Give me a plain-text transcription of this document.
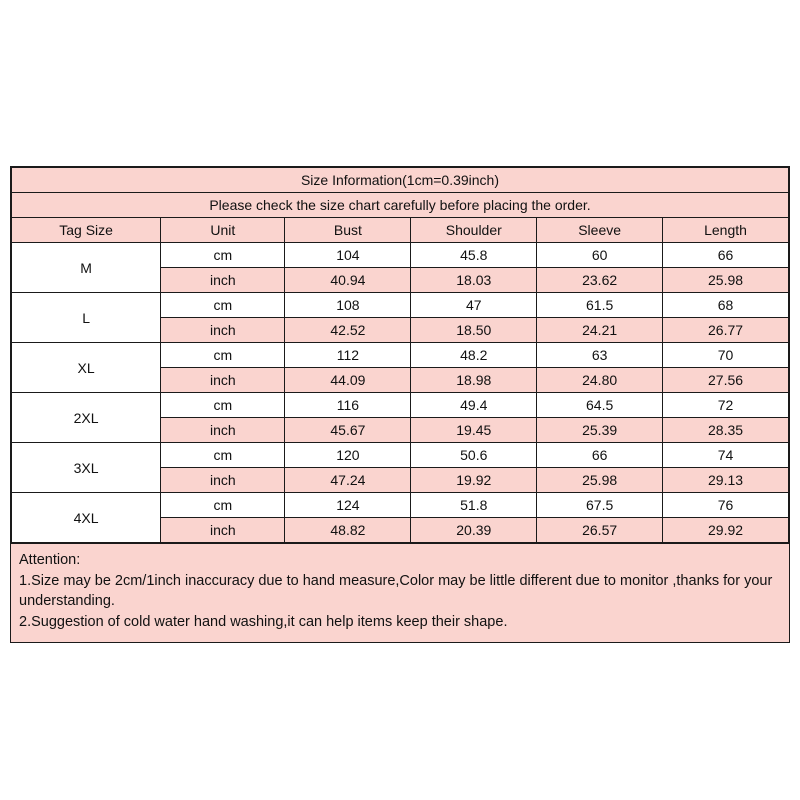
Size Information(1cm=0.39inch)					
Please check the size chart carefully before placing the order.					
Tag Size	Unit	Bust	Shoulder	Sleeve	Length
M	cm	104	45.8	60	66
	inch	40.94	18.03	23.62	25.98
L	cm	108	47	61.5	68
	inch	42.52	18.50	24.21	26.77
XL	cm	112	48.2	63	70
	inch	44.09	18.98	24.80	27.56
2XL	cm	116	49.4	64.5	72
	inch	45.67	19.45	25.39	28.35
3XL	cm	120	50.6	66	74
	inch	47.24	19.92	25.98	29.13
4XL	cm	124	51.8	67.5	76
	inch	48.82	20.39	26.57	29.92
Attention:
1.Size may be 2cm/1inch inaccuracy due to hand measure,Color may be little different due to monitor ,thanks for your understanding.
2.Suggestion of cold water hand washing,it can help items keep their shape.
